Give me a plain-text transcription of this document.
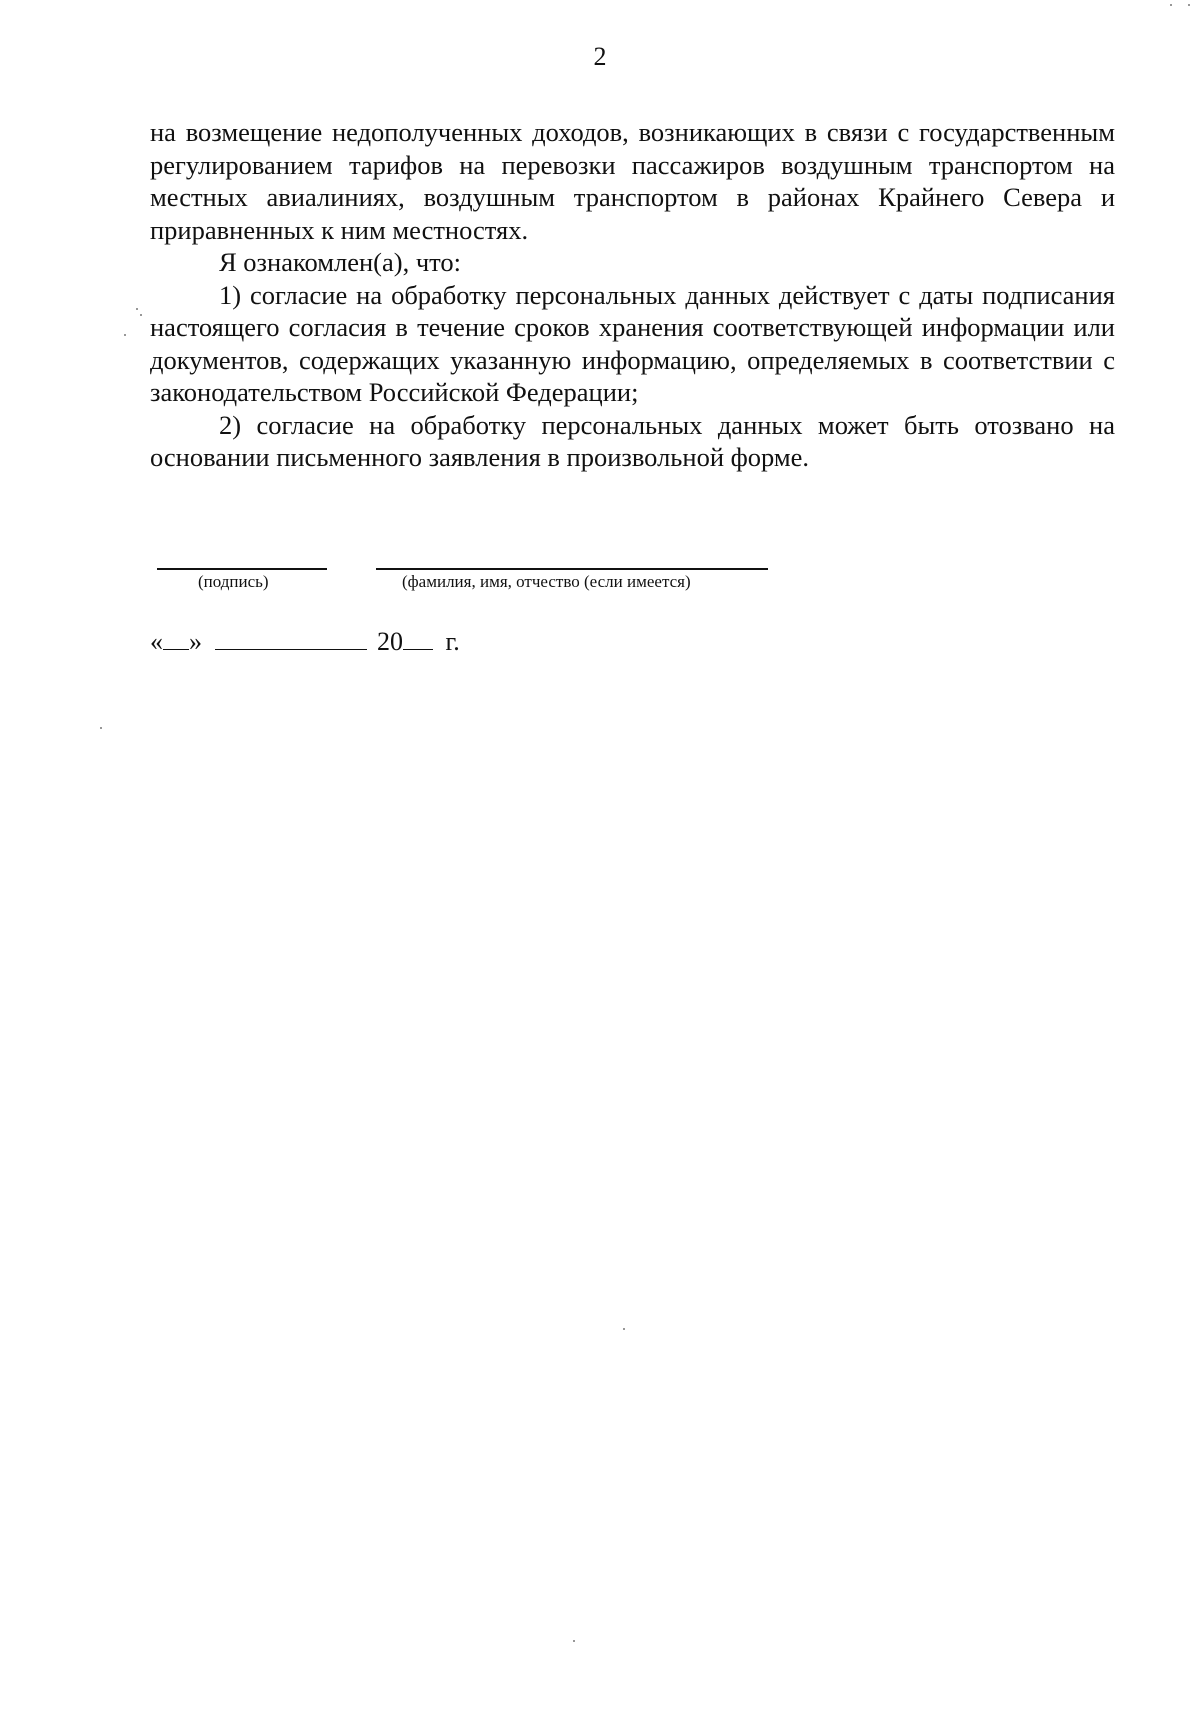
2

на возмещение недополученных доходов, возникающих в связи с государственным регулированием тарифов на перевозки пассажиров воздушным транспортом на местных авиалиниях, воздушным транспортом в районах Крайнего Севера и приравненных к ним местностях.

Я ознакомлен(а), что:

1) согласие на обработку персональных данных действует с даты подписания настоящего согласия в течение сроков хранения соответствующей информации или документов, содержащих указанную информацию, определяемых в соответствии с законодательством Российской Федерации;

2) согласие на обработку персональных данных может быть отозвано на основании письменного заявления в произвольной форме.

(подпись)	(фамилия, имя, отчество (если имеется)
« »	20 г.
